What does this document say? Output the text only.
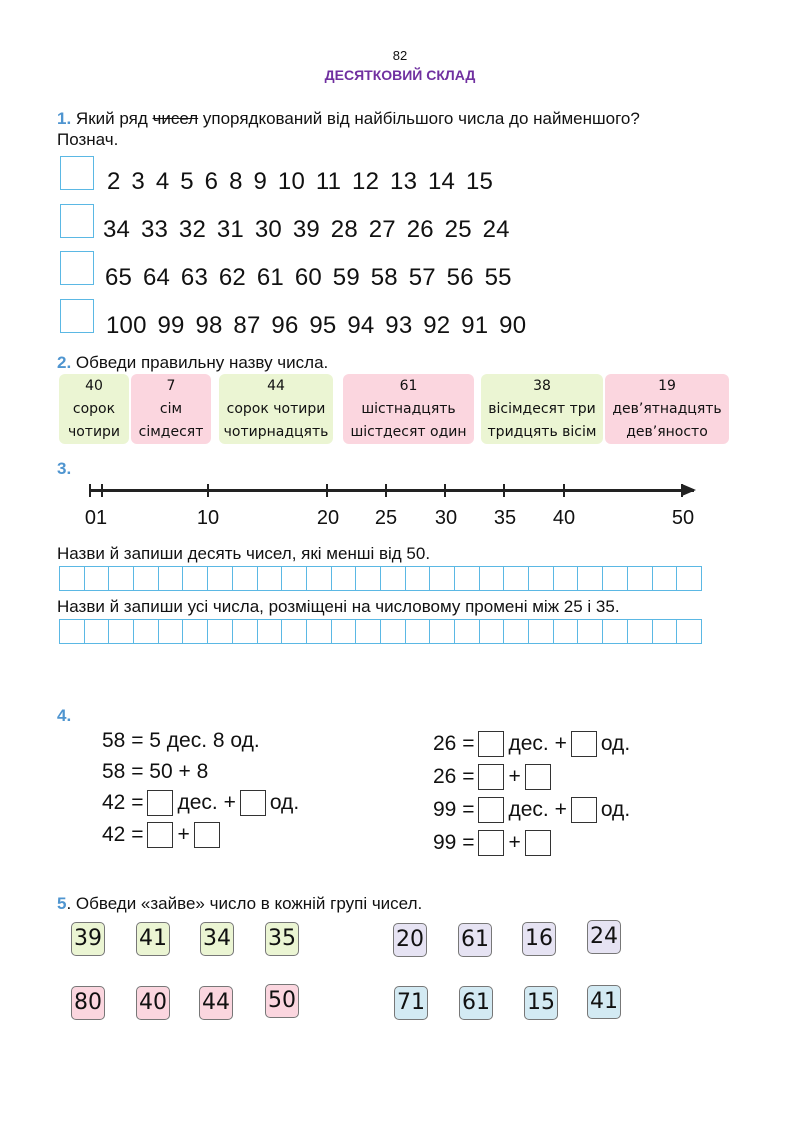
82
ДЕСЯТКОВИЙ СКЛАД
1. Який ряд чисел упорядкований від найбільшого числа до найменшого?
Познач.
2 3 4 5 6 8 9 10 11 12 13 14 15
34 33 32 31 30 39 28 27 26 25 24
65 64 63 62 61 60 59 58 57 56 55
100 99 98 87 96 95 94 93 92 91 90
2. Обведи правильну назву числа.
40
сорок
чотири
7
сім
сімдесят
44
сорок чотири
чотирнадцять
61
шістнадцять
шістдесят один
38
вісімдесят три
тридцять вісім
19
дев’ятнадцять
дев’яносто
3.
01	10	20	25	30	35	40	50
Назви й запиши десять чисел, які менші від 50.
Назви й запиши усі числа, розміщені на числовому промені між 25 і 35.
4.
58 = 5 дес. 8 од.
58 = 50 + 8
42 = дес. + од.
42 = +
26 = дес. + од.
26 = +
99 = дес. + од.
99 = +
5. Обведи «зайве» число в кожній групі чисел.
39 41 34 35	20 61 16 24
80 40 44 50	71 61 15 41
